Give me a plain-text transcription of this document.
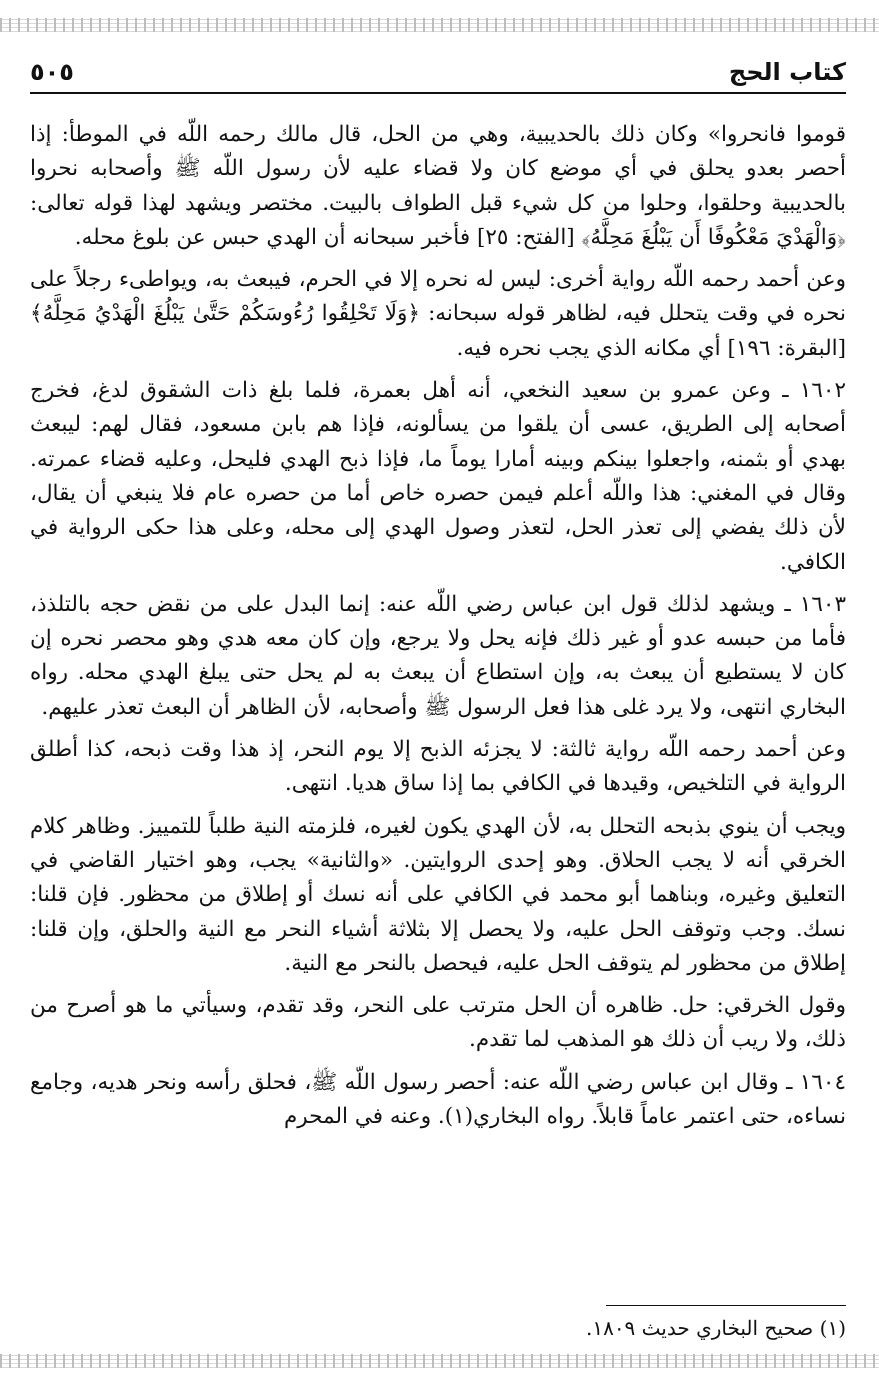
كتاب الحج
٥٠٥

قوموا فانحروا» وكان ذلك بالحديبية، وهي من الحل، قال مالك رحمه اللّه في الموطأ: إذا أحصر بعدو يحلق في أي موضع كان ولا قضاء عليه لأن رسول اللّه ﷺ وأصحابه نحروا بالحديبية وحلقوا، وحلوا من كل شيء قبل الطواف بالبيت. مختصر ويشهد لهذا قوله تعالى: ﴿وَالْهَدْيَ مَعْكُوفًا أَن يَبْلُغَ مَحِلَّهُ﴾ [الفتح: ٢٥] فأخبر سبحانه أن الهدي حبس عن بلوغ محله.

وعن أحمد رحمه اللّه رواية أخرى: ليس له نحره إلا في الحرم، فيبعث به، ويواطىء رجلاً على نحره في وقت يتحلل فيه، لظاهر قوله سبحانه: ﴿وَلَا تَحْلِقُوا رُءُوسَكُمْ حَتَّىٰ يَبْلُغَ الْهَدْيُ مَحِلَّهُ﴾ [البقرة: ١٩٦] أي مكانه الذي يجب نحره فيه.

١٦٠٢ ـ وعن عمرو بن سعيد النخعي، أنه أهل بعمرة، فلما بلغ ذات الشقوق لدغ، فخرج أصحابه إلى الطريق، عسى أن يلقوا من يسألونه، فإذا هم بابن مسعود، فقال لهم: ليبعث بهدي أو بثمنه، واجعلوا بينكم وبينه أمارا يوماً ما، فإذا ذبح الهدي فليحل، وعليه قضاء عمرته. وقال في المغني: هذا واللّه أعلم فيمن حصره خاص أما من حصره عام فلا ينبغي أن يقال، لأن ذلك يفضي إلى تعذر الحل، لتعذر وصول الهدي إلى محله، وعلى هذا حكى الرواية في الكافي.

١٦٠٣ ـ ويشهد لذلك قول ابن عباس رضي اللّه عنه: إنما البدل على من نقض حجه بالتلذذ، فأما من حبسه عدو أو غير ذلك فإنه يحل ولا يرجع، وإن كان معه هدي وهو محصر نحره إن كان لا يستطيع أن يبعث به، وإن استطاع أن يبعث به لم يحل حتى يبلغ الهدي محله. رواه البخاري انتهى، ولا يرد غلى هذا فعل الرسول ﷺ وأصحابه، لأن الظاهر أن البعث تعذر عليهم.

وعن أحمد رحمه اللّه رواية ثالثة: لا يجزئه الذبح إلا يوم النحر، إذ هذا وقت ذبحه، كذا أطلق الرواية في التلخيص، وقيدها في الكافي بما إذا ساق هديا. انتهى.

ويجب أن ينوي بذبحه التحلل به، لأن الهدي يكون لغيره، فلزمته النية طلباً للتمييز. وظاهر كلام الخرقي أنه لا يجب الحلاق. وهو إحدى الروايتين. «والثانية» يجب، وهو اختيار القاضي في التعليق وغيره، وبناهما أبو محمد في الكافي على أنه نسك أو إطلاق من محظور. فإن قلنا: نسك. وجب وتوقف الحل عليه، ولا يحصل إلا بثلاثة أشياء النحر مع النية والحلق، وإن قلنا: إطلاق من محظور لم يتوقف الحل عليه، فيحصل بالنحر مع النية.

وقول الخرقي: حل. ظاهره أن الحل مترتب على النحر، وقد تقدم، وسيأتي ما هو أصرح من ذلك، ولا ريب أن ذلك هو المذهب لما تقدم.

١٦٠٤ ـ وقال ابن عباس رضي اللّه عنه: أحصر رسول اللّه ﷺ، فحلق رأسه ونحر هديه، وجامع نساءه، حتى اعتمر عاماً قابلاً. رواه البخاري(١). وعنه في المحرم

(١) صحيح البخاري حديث ١٨٠٩.
